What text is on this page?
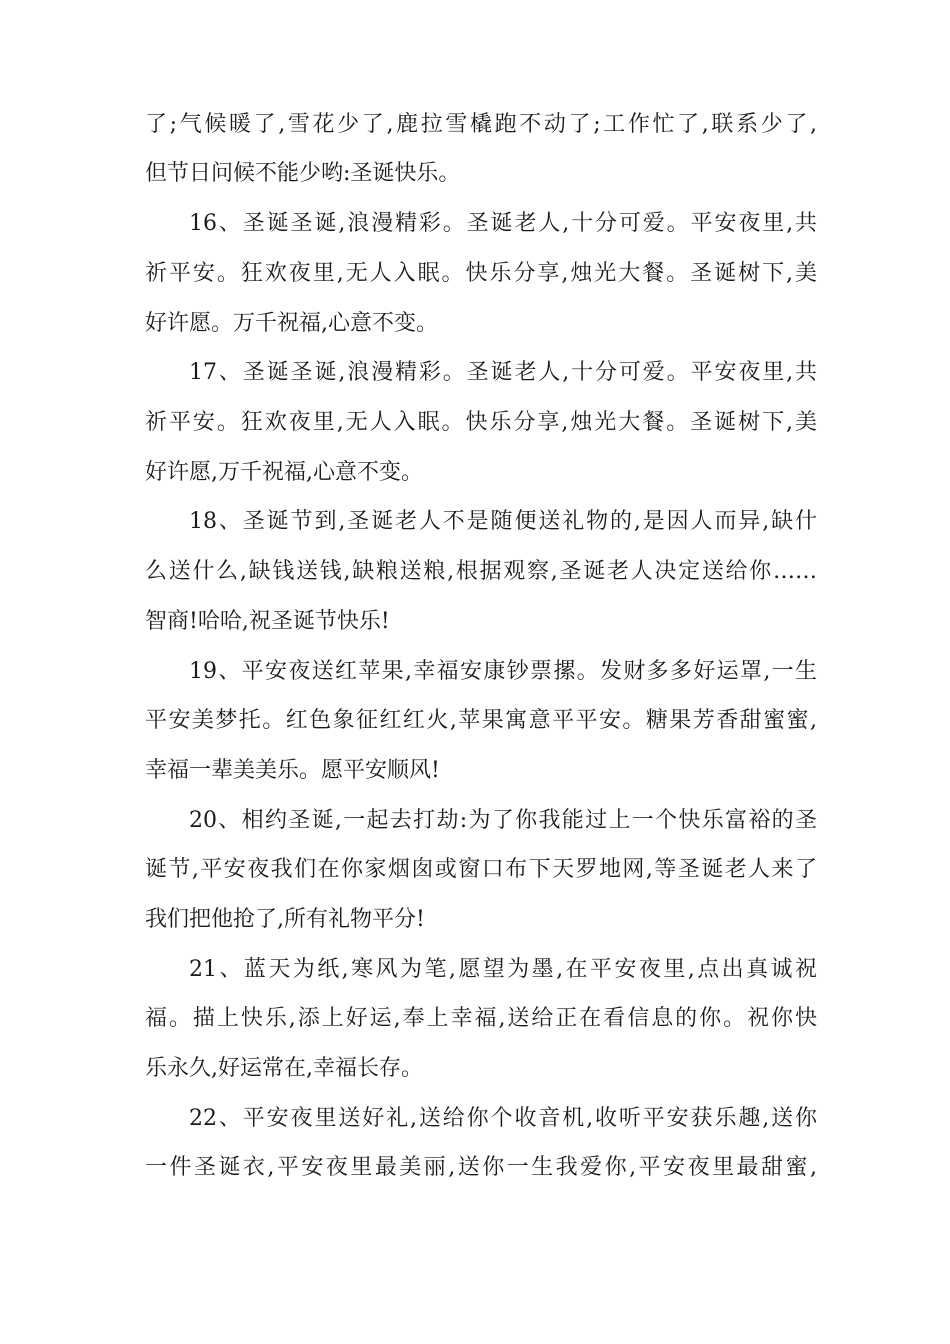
了;气候暖了,雪花少了,鹿拉雪橇跑不动了;工作忙了,联系少了,
但节日问候不能少哟:圣诞快乐。
16、圣诞圣诞,浪漫精彩。圣诞老人,十分可爱。平安夜里,共
祈平安。狂欢夜里,无人入眠。快乐分享,烛光大餐。圣诞树下,美
好许愿。万千祝福,心意不变。
17、圣诞圣诞,浪漫精彩。圣诞老人,十分可爱。平安夜里,共
祈平安。狂欢夜里,无人入眠。快乐分享,烛光大餐。圣诞树下,美
好许愿,万千祝福,心意不变。
18、圣诞节到,圣诞老人不是随便送礼物的,是因人而异,缺什
么送什么,缺钱送钱,缺粮送粮,根据观察,圣诞老人决定送给你……
智商!哈哈,祝圣诞节快乐!
19、平安夜送红苹果,幸福安康钞票摞。发财多多好运罩,一生
平安美梦托。红色象征红红火,苹果寓意平平安。糖果芳香甜蜜蜜,
幸福一辈美美乐。愿平安顺风!
20、相约圣诞,一起去打劫:为了你我能过上一个快乐富裕的圣
诞节,平安夜我们在你家烟囱或窗口布下天罗地网,等圣诞老人来了
我们把他抢了,所有礼物平分!
21、蓝天为纸,寒风为笔,愿望为墨,在平安夜里,点出真诚祝
福。描上快乐,添上好运,奉上幸福,送给正在看信息的你。祝你快
乐永久,好运常在,幸福长存。
22、平安夜里送好礼,送给你个收音机,收听平安获乐趣,送你
一件圣诞衣,平安夜里最美丽,送你一生我爱你,平安夜里最甜蜜,
